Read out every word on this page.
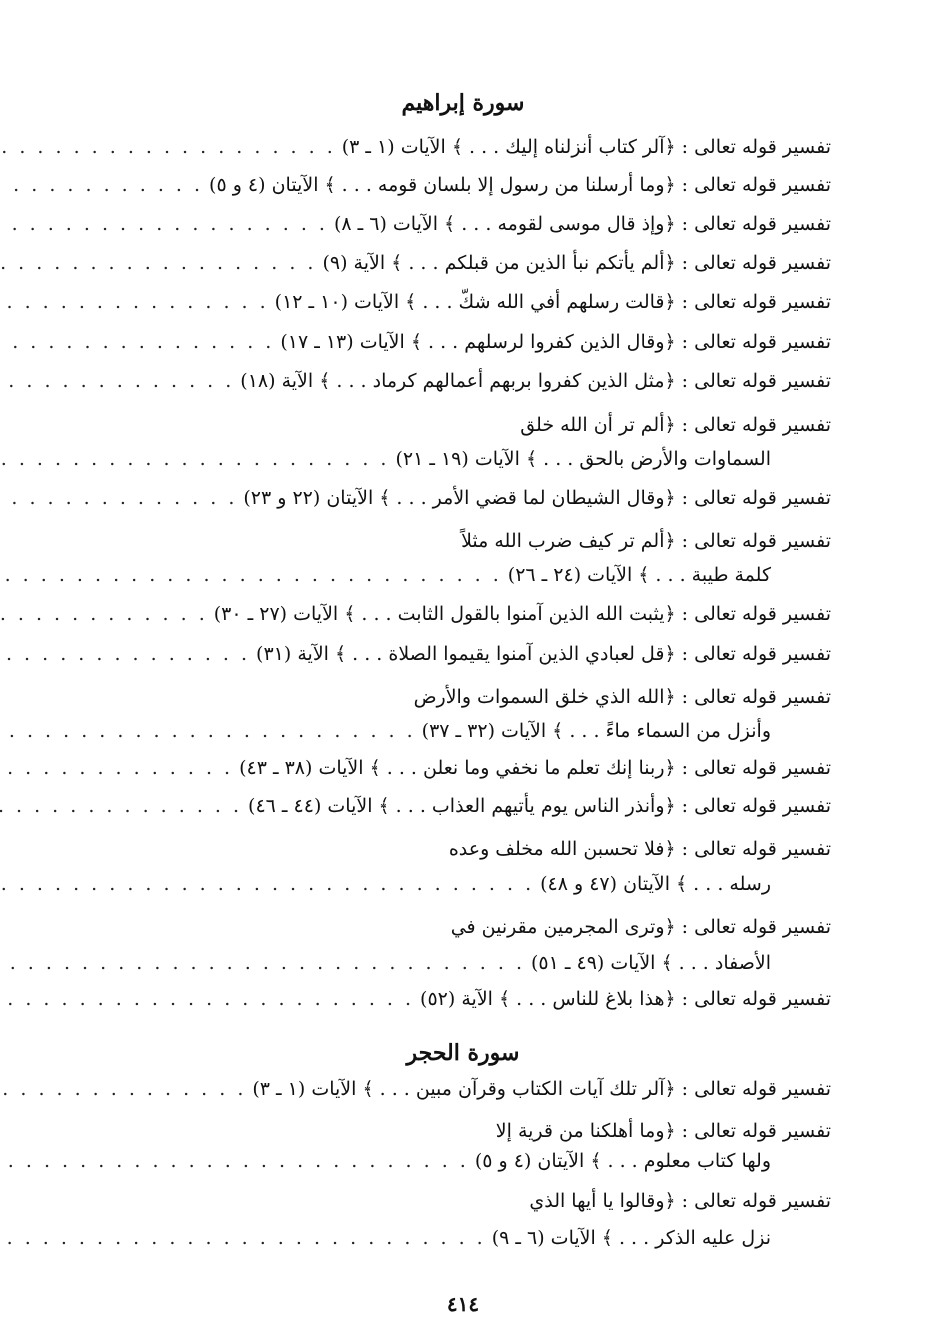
سورة إبراهيم
تفسير قوله تعالى : ﴿آلر كتاب أنزلناه إليك . . . ﴾ الآيات (١ ـ ٣)
. . .
تفسير قوله تعالى : ﴿وما أرسلنا من رسول إلا بلسان قومه . . . ﴾ الآيتان (٤ و ٥)
. . .
تفسير قوله تعالى : ﴿وإذ قال موسى لقومه . . . ﴾ الآيات (٦ ـ ٨)
. . .
تفسير قوله تعالى : ﴿ألم يأتكم نبأ الذين من قبلكم . . . ﴾ الآية (٩)
. . .
تفسير قوله تعالى : ﴿قالت رسلهم أفي الله شكّ . . . ﴾ الآيات (١٠ ـ ١٢)
. . .
تفسير قوله تعالى : ﴿وقال الذين كفروا لرسلهم . . . ﴾ الآيات (١٣ ـ ١٧)
. . .
تفسير قوله تعالى : ﴿مثل الذين كفروا بربهم أعمالهم كرماد . . . ﴾ الآية (١٨)
. . .
تفسير قوله تعالى : ﴿ألم تر أن الله خلق
السماوات والأرض بالحق . . . ﴾ الآيات (١٩ ـ ٢١)
. . .
تفسير قوله تعالى : ﴿وقال الشيطان لما قضي الأمر . . . ﴾ الآيتان (٢٢ و ٢٣)
. . .
تفسير قوله تعالى : ﴿ألم تر كيف ضرب الله مثلاً
كلمة طيبة . . . ﴾ الآيات (٢٤ ـ ٢٦)
. . .
تفسير قوله تعالى : ﴿يثبت الله الذين آمنوا بالقول الثابت . . . ﴾ الآيات (٢٧ ـ ٣٠)
. . .
تفسير قوله تعالى : ﴿قل لعبادي الذين آمنوا يقيموا الصلاة . . . ﴾ الآية (٣١)
. . .
تفسير قوله تعالى : ﴿الله الذي خلق السموات والأرض
وأنزل من السماء ماءً . . . ﴾ الآيات (٣٢ ـ ٣٧)
. . .
تفسير قوله تعالى : ﴿ربنا إنك تعلم ما نخفي وما نعلن . . . ﴾ الآيات (٣٨ ـ ٤٣)
. . .
تفسير قوله تعالى : ﴿وأنذر الناس يوم يأتيهم العذاب . . . ﴾ الآيات (٤٤ ـ ٤٦)
. . .
تفسير قوله تعالى : ﴿فلا تحسبن الله مخلف وعده
رسله . . . ﴾ الآيتان (٤٧ و ٤٨)
. . .
تفسير قوله تعالى : ﴿وترى المجرمين مقرنين في
الأصفاد . . . ﴾ الآيات (٤٩ ـ ٥١)
. . .
تفسير قوله تعالى : ﴿هذا بلاغ للناس . . . ﴾ الآية (٥٢)
. . .
سورة الحجر
تفسير قوله تعالى : ﴿آلر تلك آيات الكتاب وقرآن مبين . . . ﴾ الآيات (١ ـ ٣)
. . .
تفسير قوله تعالى : ﴿وما أهلكنا من قرية إلا
ولها كتاب معلوم . . . ﴾ الآيتان (٤ و ٥)
. . .
تفسير قوله تعالى : ﴿وقالوا يا أيها الذي
نزل عليه الذكر . . . ﴾ الآيات (٦ ـ ٩)
. . .
٤١٤
